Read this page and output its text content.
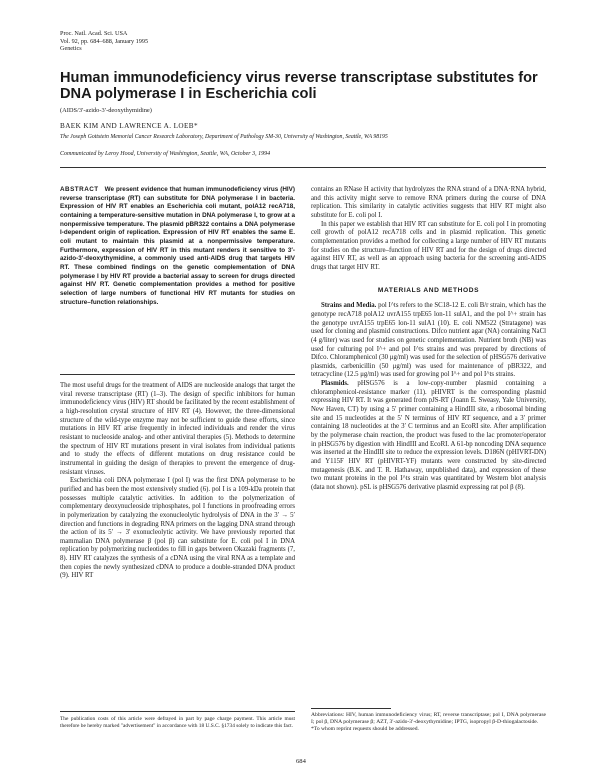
Proc. Natl. Acad. Sci. USA
Vol. 92, pp. 684–688, January 1995
Genetics
Human immunodeficiency virus reverse transcriptase substitutes for DNA polymerase I in Escherichia coli
(AIDS/3′-azido-3′-deoxythymidine)
BAEK KIM AND LAWRENCE A. LOEB*
The Joseph Gottstein Memorial Cancer Research Laboratory, Department of Pathology SM-30, University of Washington, Seattle, WA 98195
Communicated by Leroy Hood, University of Washington, Seattle, WA, October 3, 1994

ABSTRACT We present evidence that human immunodeficiency virus (HIV) reverse transcriptase (RT) can substitute for DNA polymerase I in bacteria. Expression of HIV RT enables an Escherichia coli mutant, polA12 recA718, containing a temperature-sensitive mutation in DNA polymerase I, to grow at a nonpermissive temperature. The plasmid pBR322 contains a DNA polymerase I-dependent origin of replication. Expression of HIV RT enables the same E. coli mutant to maintain this plasmid at a nonpermissive temperature. Furthermore, expression of HIV RT in this mutant renders it sensitive to 3′-azido-3′-deoxythymidine, a commonly used anti-AIDS drug that targets HIV RT. These combined findings on the genetic complementation of DNA polymerase I by HIV RT provide a bacterial assay to screen for drugs directed against HIV RT. Genetic complementation provides a method for positive selection of large numbers of functional HIV RT mutants for studies on structure–function relationships.

The most useful drugs for the treatment of AIDS are nucleoside analogs that target the viral reverse transcriptase (RT) (1–3). The design of specific inhibitors for human immunodeficiency virus (HIV) RT should be facilitated by the recent establishment of a high-resolution crystal structure of HIV RT (4). However, the three-dimensional structure of the wild-type enzyme may not be sufficient to guide these efforts, since mutations in HIV RT arise frequently in infected individuals and render the virus resistant to nucleoside analog- and other antiviral therapies (5). Methods to determine the spectrum of HIV RT mutations present in viral isolates from individual patients and to study the effects of different mutations on drug resistance could be instrumental in guiding the design of therapies to prevent the emergence of drug-resistant viruses.

Escherichia coli DNA polymerase I (pol I) was the first DNA polymerase to be purified and has been the most extensively studied (6). pol I is a 109-kDa protein that possesses multiple catalytic activities. In addition to the polymerization of complementary deoxynucleoside triphosphates, pol I functions in proofreading errors in polymerization by catalyzing the exonucleolytic hydrolysis of DNA in the 3′ → 5′ direction and functions in degrading RNA primers on the lagging DNA strand through the action of its 5′ → 3′ exonucleolytic activity. We have previously reported that mammalian DNA polymerase β (pol β) can substitute for E. coli pol I in DNA replication by polymerizing nucleotides to fill in gaps between Okazaki fragments (7, 8). HIV RT catalyzes the synthesis of a cDNA using the viral RNA as a template and then copies the newly synthesized cDNA to produce a double-stranded DNA product (9). HIV RT

contains an RNase H activity that hydrolyzes the RNA strand of a DNA·RNA hybrid, and this activity might serve to remove RNA primers during the course of DNA replication. This similarity in catalytic activities suggests that HIV RT might also substitute for E. coli pol I.

In this paper we establish that HIV RT can substitute for E. coli pol I in promoting cell growth of polA12 recA718 cells and in plasmid replication. This genetic complementation provides a method for collecting a large number of HIV RT mutants for studies on the structure–function of HIV RT and for the design of drugs directed against HIV RT, as well as an approach using bacteria for the screening anti-AIDS drugs that target HIV RT.

MATERIALS AND METHODS

Strains and Media. pol I^ts refers to the SC18-12 E. coli B/r strain, which has the genotype recA718 polA12 uvrA155 trpE65 lon-11 sulA1, and the pol I^+ strain has the genotype uvrA155 trpE65 lon-11 sulA1 (10). E. coli NM522 (Stratagene) was used for cloning and plasmid constructions. Difco nutrient agar (NA) containing NaCl (4 g/liter) was used for studies on genetic complementation. Nutrient broth (NB) was used for culturing pol I^+ and pol I^ts strains and was prepared by directions of Difco. Chloramphenicol (30 μg/ml) was used for the selection of pHSG576 derivative plasmids, carbenicillin (50 μg/ml) was used for maintenance of pBR322, and tetracycline (12.5 μg/ml) was used for growing pol I^+ and pol I^ts strains.

Plasmids. pHSG576 is a low-copy-number plasmid containing a chloramphenicol-resistance marker (11). pHIVRT is the corresponding plasmid expressing HIV RT. It was generated from pJS-RT (Joann E. Sweasy, Yale University, New Haven, CT) by using a 5′ primer containing a HindIII site, a ribosomal binding site and 15 nucleotides at the 5′ N terminus of HIV RT sequence, and a 3′ primer containing 18 nucleotides at the 3′ C terminus and an EcoRI site. After amplification by the polymerase chain reaction, the product was fused to the lac promoter/operator in pHSG576 by digestion with HindIII and EcoRI. A 61-bp noncoding DNA sequence was inserted at the HindIII site to reduce the expression levels. D186N (pHIVRT-DN) and Y115F HIV RT (pHIVRT-YF) mutants were constructed by site-directed mutagenesis (B.K. and T. R. Hathaway, unpublished data), and expression of these two mutant proteins in the pol I^ts strain was quantitated by Western blot analysis (data not shown). pSL is pHSG576 derivative plasmid expressing rat pol β (8).

The publication costs of this article were defrayed in part by page charge payment. This article must therefore be hereby marked "advertisement" in accordance with 18 U.S.C. §1734 solely to indicate this fact.

Abbreviations: HIV, human immunodeficiency virus; RT, reverse transcriptase; pol I, DNA polymerase I; pol β, DNA polymerase β; AZT, 3′-azido-3′-deoxythymidine; IPTG, isopropyl β-D-thiogalactoside.

*To whom reprint requests should be addressed.

684
